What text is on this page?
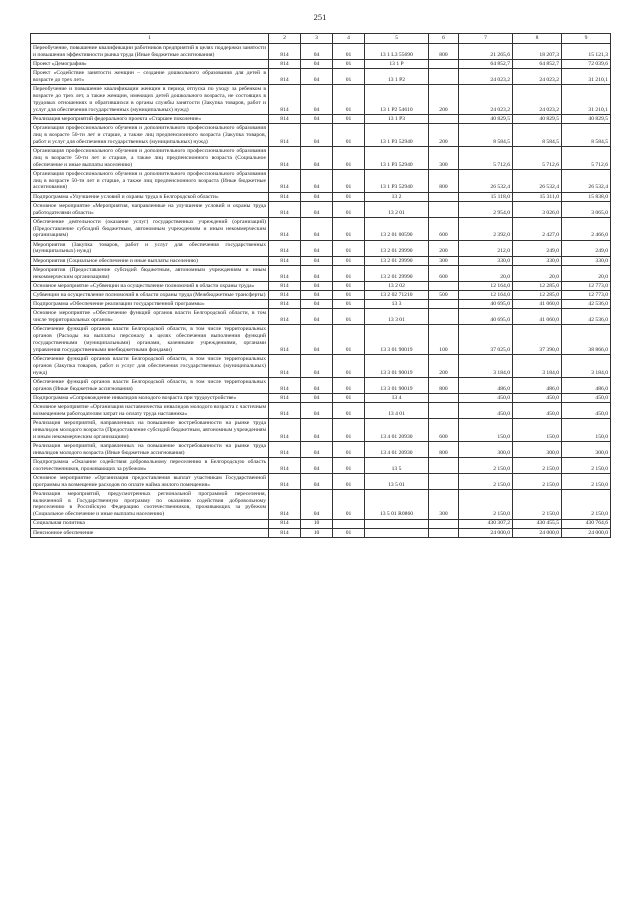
251
1	2	3	4	5	6	7	8	9
Переобучение, повышение квалификации работников предприятий в целях поддержки занятости и повышения эффективности рынка труда (Иные бюджетные ассигнования)	814	04	01	13 1 L3 55690	800	21 265,6	18 207,3	15 121,3
Проект «Демография»	814	04	01	13 1 P		64 852,7	64 852,7	72 039,6
Проект «Содействие занятости женщин – создание дошкольного образования для детей в возрасте до трех лет»	814	04	01	13 1 P2		24 023,2	24 023,2	31 210,1
Переобучение и повышение квалификации женщин в период отпуска по уходу за ребенком в возрасте до трех лет, а также женщин, имеющих детей дошкольного возраста, не состоящих в трудовых отношениях и обратившихся в органы службы занятости (Закупка товаров, работ и услуг для обеспечения государственных (муниципальных) нужд)	814	04	01	13 1 P2 54610	200	24 023,2	24 023,2	31 210,1
Реализация мероприятий федерального проекта «Старшее поколение»	814	04	01	13 1 P3		40 829,5	40 829,5	40 829,5
Организация профессионального обучения и дополнительного профессионального образования лиц в возрасте 50-ти лет и старше, а также лиц предпенсионного возраста (Закупка товаров, работ и услуг для обеспечения государственных (муниципальных) нужд)	814	04	01	13 1 P3 52940	200	8 584,5	8 584,5	8 584,5
Организация профессионального обучения и дополнительного профессионального образования лиц в возрасте 50-ти лет и старше, а также лиц предпенсионного возраста (Социальное обеспечение и иные выплаты населению)	814	04	01	13 1 P3 52940	300	5 712,6	5 712,6	5 712,6
Организация профессионального обучения и дополнительного профессионального образования лиц в возрасте 50-ти лет и старше, а также лиц предпенсионного возраста (Иные бюджетные ассигнования)	814	04	01	13 1 P3 52940	800	26 532,4	26 532,4	26 532,4
Подпрограмма «Улучшение условий и охраны труда в Белгородской области»	814	04	01	13 2		15 118,0	15 311,0	15 838,0
Основное мероприятие «Мероприятия, направленные на улучшение условий и охраны труда работодателями области»	814	04	01	13 2 01		2 954,0	3 026,0	3 065,0
Обеспечение деятельности (оказание услуг) государственных учреждений (организаций) (Предоставление субсидий бюджетным, автономным учреждениям и иным некоммерческим организациям)	814	04	01	13 2 01 00590	600	2 392,0	2 427,0	2 466,0
Мероприятия (Закупка товаров, работ и услуг для обеспечения государственных (муниципальных) нужд)	814	04	01	13 2 01 29990	200	212,0	249,0	249,0
Мероприятия (Социальное обеспечение и иные выплаты населению)	814	04	01	13 2 01 29990	300	330,0	330,0	330,0
Мероприятия (Предоставление субсидий бюджетным, автономным учреждениям и иным некоммерческим организациям)	814	04	01	13 2 01 29990	600	20,0	20,0	20,0
Основное мероприятие «Субвенции на осуществление полномочий в области охраны труда»	814	04	01	13 2 02		12 164,0	12 285,0	12 773,0
Субвенции на осуществление полномочий в области охраны труда (Межбюджетные трансферты)	814	04	01	13 2 02 71210	500	12 164,0	12 285,0	12 773,0
Подпрограмма «Обеспечение реализации государственной программы»	814	04	01	13 3		40 695,0	41 060,0	42 536,0
Основное мероприятие «Обеспечение функций органов власти Белгородской области, в том числе территориальных органов»	814	04	01	13 3 01		40 695,0	41 060,0	42 536,0
Обеспечение функций органов власти Белгородской области, в том числе территориальных органов (Расходы на выплаты персоналу в целях обеспечения выполнения функций государственными (муниципальными) органами, казенными учреждениями, органами управления государственными внебюджетными фондами)	814	04	01	13 3 01 90019	100	37 025,0	37 390,0	38 866,0
Обеспечение функций органов власти Белгородской области, в том числе территориальных органов (Закупка товаров, работ и услуг для обеспечения государственных (муниципальных) нужд)	814	04	01	13 3 01 90019	200	3 184,0	3 184,0	3 184,0
Обеспечение функций органов власти Белгородской области, в том числе территориальных органов (Иные бюджетные ассигнования)	814	04	01	13 3 01 90019	800	486,0	486,0	486,0
Подпрограмма «Сопровождение инвалидов молодого возраста при трудоустройстве»	814	04	01	13 4		450,0	450,0	450,0
Основное мероприятие «Организация наставничества инвалидов молодого возраста с частичным возмещением работодателям затрат на оплату труда наставника»	814	04	01	13 4 01		450,0	450,0	450,0
Реализация мероприятий, направленных на повышение востребованности на рынке труда инвалидов молодого возраста (Предоставление субсидий бюджетным, автономным учреждениям и иным некоммерческим организациям)	814	04	01	13 4 01 20930	600	150,0	150,0	150,0
Реализация мероприятий, направленных на повышение востребованности на рынке труда инвалидов молодого возраста (Иные бюджетные ассигнования)	814	04	01	13 4 01 20930	800	300,0	300,0	300,0
Подпрограмма «Оказание содействия добровольному переселению в Белгородскую область соотечественников, проживающих за рубежом»	814	04	01	13 5		2 150,0	2 150,0	2 150,0
Основное мероприятие «Организация предоставления выплат участникам Государственной программы на возмещение расходов по оплате найма жилого помещения»	814	04	01	13 5 01		2 150,0	2 150,0	2 150,0
Реализация мероприятий, предусмотренных региональной программой переселения, включенной в Государственную программу по оказанию содействия добровольному переселению в Российскую Федерацию соотечественников, проживающих за рубежом (Социальное обеспечение и иные выплаты населению)	814	04	01	13 5 01 R0860	300	2 150,0	2 150,0	2 150,0
Социальная политика	814	10				430 307,2	430 455,5	430 764,6
Пенсионное обеспечение	814	10	01			24 000,0	24 000,0	24 000,0
